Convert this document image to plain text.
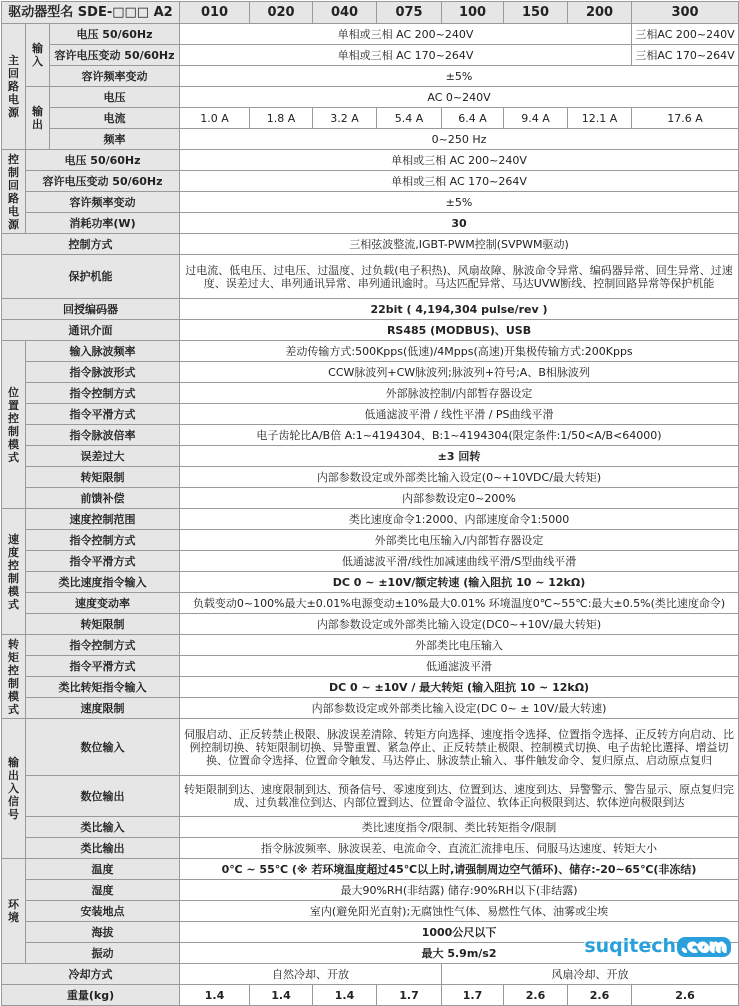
驱动器型名 SDE-□□□ A2			010	020	040	075	100	150	200	300

主回路电源	输入	电压 50/60Hz	单相或三相 AC 200~240V							三相AC 200~240V
		容许电压变动 50/60Hz	单相或三相 AC 170~264V							三相AC 170~264V
		容许频率变动	±5%							
	输出	电压	AC 0~240V							
		电流	1.0 A	1.8 A	3.2 A	5.4 A	6.4 A	9.4 A	12.1 A	17.6 A
		频率	0~250 Hz							

控制回路电源	电压 50/60Hz		单相或三相 AC 200~240V							
	容许电压变动 50/60Hz		单相或三相 AC 170~264V							
	容许频率变动		±5%							
	消耗功率(W)		30							
控制方式			三相弦波整流,IGBT-PWM控制(SVPWM驱动)							
保护机能			过电流、低电压、过电压、过温度、过负载(电子积热)、风扇故障、脉波命令异常、编码器异常、回生异常、过速度、误差过大、串列通讯异常、串列通讯逾时。马达匹配异常、马达UVW断线、控制回路异常等保护机能							
回授编码器			22bit ( 4,194,304 pulse/rev )							
通讯介面			RS485 (MODBUS)、USB							

位置控制模式	输入脉波频率		差动传输方式:500Kpps(低速)/4Mpps(高速)开集极传输方式:200Kpps							
	指令脉波形式		CCW脉波列+CW脉波列;脉波列+符号;A、B相脉波列							
	指令控制方式		外部脉波控制/内部暂存器设定							
	指令平滑方式		低通滤波平滑 / 线性平滑 / PS曲线平滑							
	指令脉波倍率		电子齿轮比A/B倍 A:1~4194304、B:1~4194304(限定条件:1/50<A/B<64000)							
	误差过大		±3 回转							
	转矩限制		内部参数设定或外部类比输入设定(0~+10VDC/最大转矩)							
	前馈补偿		内部参数设定0~200%							

速度控制模式	速度控制范围		类比速度命令1:2000、内部速度命令1:5000							
	指令控制方式		外部类比电压输入/内部暂存器设定							
	指令平滑方式		低通滤波平滑/线性加减速曲线平滑/S型曲线平滑							
	类比速度指令输入		DC 0 ~ ±10V/额定转速 (输入阻抗 10 ~ 12kΩ)							
	速度变动率		负载变动0~100%最大±0.01%电源变动±10%最大0.01% 环境温度0℃~55℃:最大±0.5%(类比速度命令)							
	转矩限制		内部参数设定或外部类比输入设定(DC0~+10V/最大转矩)							

转矩控制模式	指令控制方式		外部类比电压输入							
	指令平滑方式		低通滤波平滑							
	类比转矩指令输入		DC 0 ~ ±10V / 最大转矩 (输入阻抗 10 ~ 12kΩ)							
	速度限制		内部参数设定或外部类比输入设定(DC 0~ ± 10V/最大转速)							

输出入信号	数位输入		伺服启动、正反转禁止极限、脉波误差清除、转矩方向选择、速度指令选择、位置指令选择、正反转方向启动、比例控制切换、转矩限制切换、异警重置、紧急停止、正反转禁止极限、控制模式切换、电子齿轮比選择、增益切换、位置命令选择、位置命令触发、马达停止、脉波禁止输入、事件触发命令、复归原点、启动原点复归							
	数位输出		转矩限制到达、速度限制到达、预备信号、零速度到达、位置到达、速度到达、异警警示、警告显示、原点复归完成、过负载准位到达、内部位置到达、位置命令溢位、软体正向极限到达、软体逆向极限到达							
	类比输入		类比速度指令/限制、类比转矩指令/限制							
	类比输出		指令脉波频率、脉波误差、电流命令、直流汇流排电压、伺服马达速度、转矩大小							

环境	温度		0℃ ~ 55℃ (※ 若环境温度超过45℃以上时,请强制周边空气循环)、储存:-20~65℃(非冻结)							
	湿度		最大90%RH(非结露) 储存:90%RH以下(非结露)							
	安装地点		室内(避免阳光直射);无腐蚀性气体、易燃性气体、油雾或尘埃							
	海拔		1000公尺以下							
	振动		最大 5.9m/s2							
冷却方式			自然冷却、开放				风扇冷却、开放			
重量(kg)			1.4	1.4	1.4	1.7	1.7	2.6	2.6	2.6
suqitech .com
